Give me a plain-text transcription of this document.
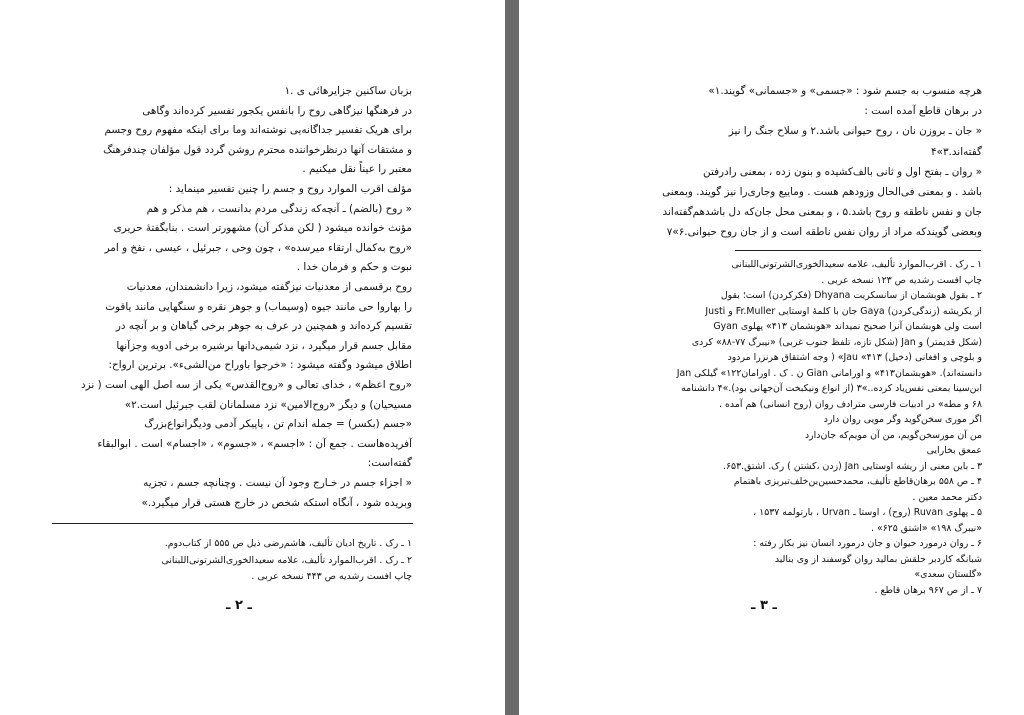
بزبان ساکنین جزایرهائی ی .۱
در فرهنگها نیزگاهی روح را بانفس یکجور تفسیر کرده‌اند وگاهی
برای هریک تفسیر جداگانه‌یی نوشته‌اند وما برای اینکه مفهوم روح وجسم
و مشتقات آنها درنظرخواننده محترم روشن‌ گردد قول مؤلفان چندفرهنگ
معتبر را عیناً نقل میکنیم .
مؤلف اقرب الموارد روح و جسم را چنین تفسیر مینماید :
« روح (بالضم) ـ آنچه‌که زندگی مردم بدانست ، هم مذکر و هم
مؤنث خوانده میشود ( لکن مذکر آن) مشهورتر است . بنابگفتهٔ حریری
«روح به‌کمال ارتقاء میرسده» ، چون وحی ، جبرئیل ، عیسی ، نفخ و امر
نبوت و حکم و فرمان خدا .
روح برقسمی از معدنیات نیزگفته میشود، زیرا دانشمندان، معدنیات
را بهاروا حی مانند جیوه (وسیماب) و جوهر نقره و سنگهایی مانند یاقوت
تقسیم کرده‌اند و همچنین در عرف به جوهر برخی گیاهان و بر آنچه در
مقابل جسم قرار میگیرد ، نزد شیمی‌دانها برشیره برخی ادویه وجزآنها
اطلاق میشود وگفته میشود : «خرجوا باوراح من‌الشیء». برترین ارواح:
«روح اعظم» ، خدای تعالی و «روح‌القدس» یکی از سه اصل الهی است ( نزد
مسیحیان) و دیگر «روح‌الامین» نزد مسلمانان لقب جبرئیل است.۲»
«جسم (بکسر) = جمله اندام تن ، یاپیکر آدمی ودیگرانواع‌بزرگ
آفریده‌هاست . جمع آن : «اجسم» ، «جسوم» ، «اجسام» است . ابوالبقاء
گفته‌است:
« اجزاء جسم در خـارج وجود آن نیست . وچنانچه جسم ، تجزیه
وبریده شود ، آنگاه استکه شخص در خارج هستی قرار میگیرد.»
۱ ـ رک . تاریخ ادیان تألیف، هاشم‌رضی ذیل ص ۵۵۵ از کتاب‌دوم.
۲ ـ رک . اقرب‌الموارد تألیف، علامه سعیدالخوری‌الشرتونی‌اللبنانی
چاپ افست رشدیه ص ۴۴۳ نسخه عربی .
ـ ۲ ـ
هرچه منسوب به جسم شود : «جسمی» و «جسمانی» گویند.۱»
در برهان قاطع آمده است :
« جان ـ بروزن نان ، روح حیوانی باشد.۲ و سلاح جنگ را نیز
گفته‌اند.۳»۴
« روان ـ بفتح اول و ثانی بالف‌کشیده و بنون زده ، بمعنی رادرفتن
باشد . و بمعنی فی‌الحال وزودهم هست . وماییع وجاری‌را نیز گویند. وبمعنی
جان و نفس ناطقه و روح باشد.۵ ، و بمعنی محل جان‌که دل باشدهم‌گفته‌اند
وبعضی گویندکه مراد از روان نفس ناطقه است و از جان روح حیوانی.۶»۷
۱ ـ رک . اقرب‌الموارد تألیف، علامه سعیدالخوری‌الشرتونی‌اللبنانی
چاپ افست رشدیه ص ۱۲۳ نسخه عربی .
۲ ـ بقول هوبشمان از سانسکریت Dhyana (فکرکردن) است؛ بقول
Justi و Fr.Muller جان با کلمهٔ اوستایی Gaya (زندگی‌کردن) از یکریشه
است ولی هوبشمان آنرا صحیح نمیداند «هوبشمان ۴۱۳» پهلوی Gyan
(شکل قدیمتر) و Jan (شکل تازه، تلفظ جنوب غربی) «نیبرگ ۷۷-۸۸» کردی
و بلوچی و افغانی (دخیل) Jau «۴۱۳» ( وجه اشتقاق هرنزرا مردود
دانسته‌اند). «هوبشمان۴۱۳» و اورامانی Gian ن . ک . اورامان۱۲۲» گیلکی Jan
ابن‌سینا بمعنی نفس‌یاد کرده..»۳ (از انواع ونیکبخت آن‌جهانی بود).»۴ دانشنامه
۶۸ و مطه» در ادبیات فارسی مترادف روان (روح انسانی) هم آمده .
اگر موری سخن‌گوید وگر مویی روان دارد
من آن مورسخن‌گویم، من آن مویم‌که جان‌دارد
عمعق بخارایی
۳ ـ باین معنی از ریشه اوستایی Jan (زدن ،کشتن ) رک. اشتق.۶۵۳.
۴ ـ ص ۵۵۸ برهان‌قاطع تألیف، محمدحسین‌بن‌خلف‌تبریزی باهتمام
دکتر محمد معین .
۵ ـ پهلوی Ruvan (روح) ، اوستا ـ Urvan ، بارتولمه ۱۵۳۷ ،
«نیبرگ ۱۹۸» «اشتق ۶۲۵» .
۶ ـ روان درمورد حیوان و جان درمورد انسان نیز بکار رفته :
شبانگه کاردبر حلقش بمالید روان گوسفند از وی بنالید
«گلستان سعدی»
۷ ـ از ص ۹۶۷ برهان قاطع .
ـ ۳ ـ
